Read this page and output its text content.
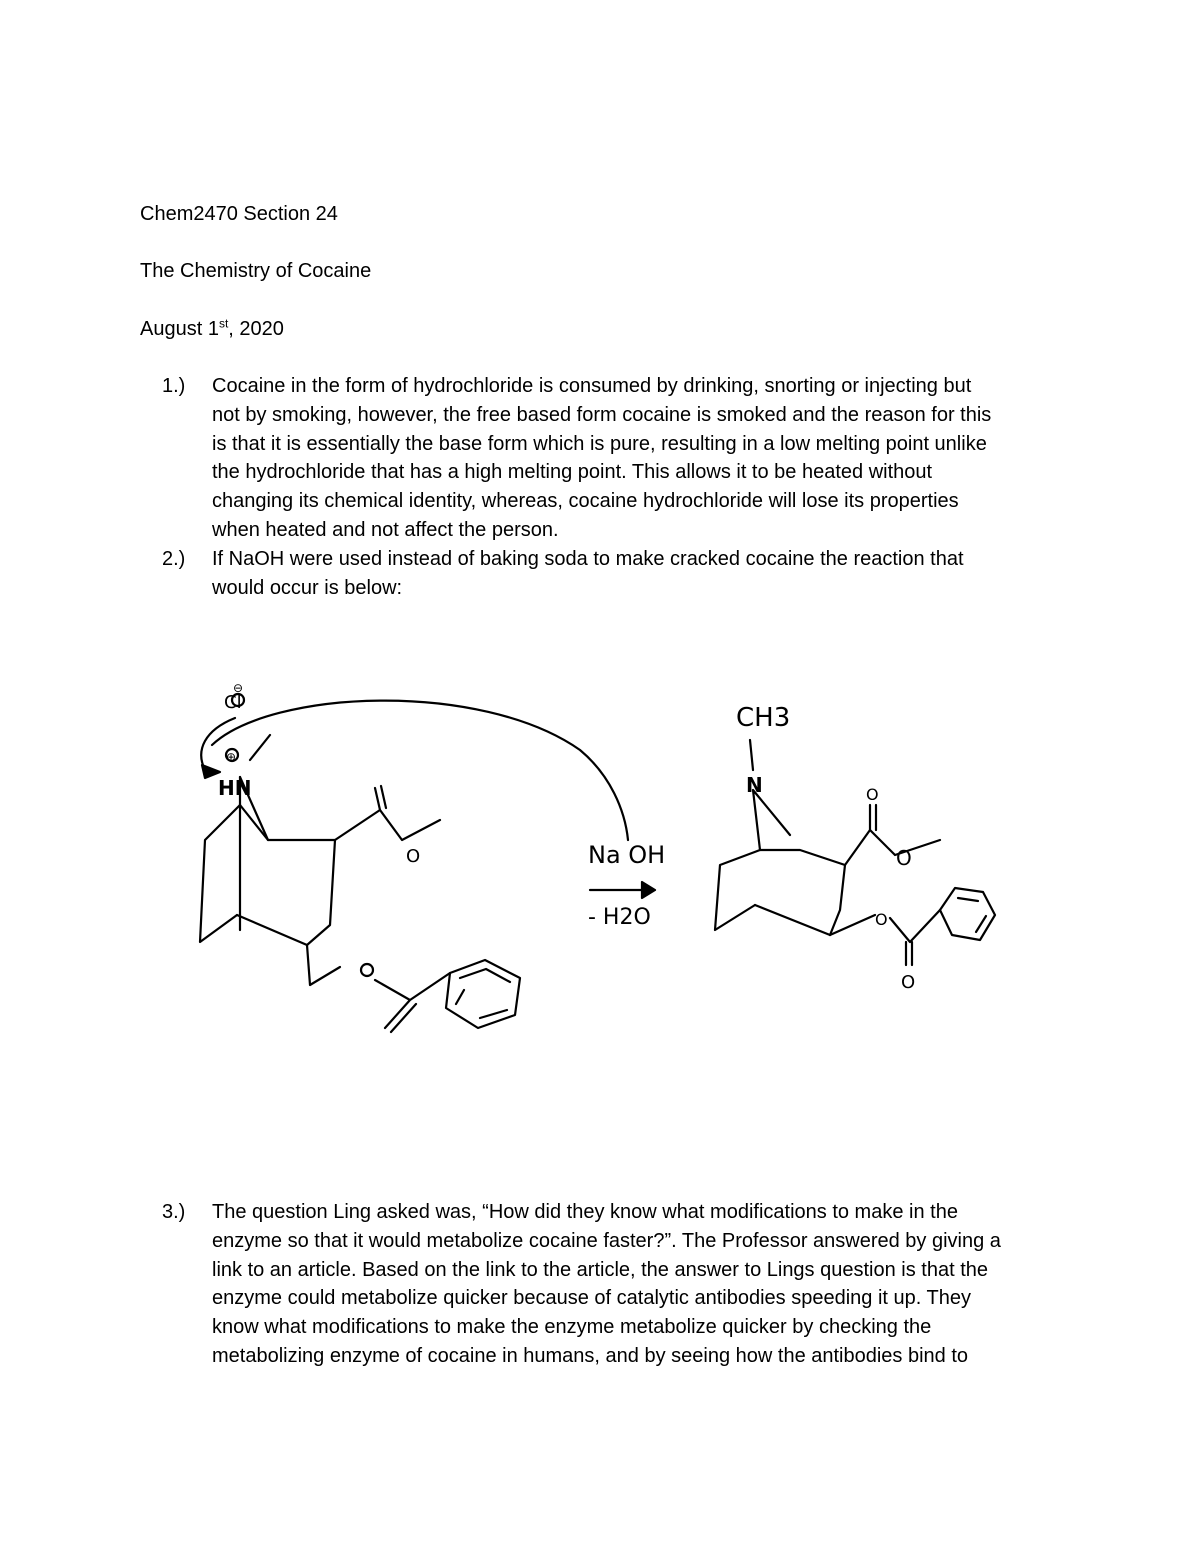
Chem2470 Section 24
The Chemistry of Cocaine
August 1st, 2020
1.)	Cocaine in the form of hydrochloride is consumed by drinking, snorting or injecting but
not by smoking, however, the free based form cocaine is smoked and the reason for this
is that it is essentially the base form which is pure, resulting in a low melting point unlike
the hydrochloride that has a high melting point. This allows it to be heated without
changing its chemical identity, whereas, cocaine hydrochloride will lose its properties
when heated and not affect the person.
2.)	If NaOH were used instead of baking soda to make cracked cocaine the reaction that
would occur is below:
3.)	The question Ling asked was, “How did they know what modifications to make in the
enzyme so that it would metabolize cocaine faster?”. The Professor answered by giving a
link to an article. Based on the link to the article, the answer to Lings question is that the
enzyme could metabolize quicker because of catalytic antibodies speeding it up. They
know what modifications to make the enzyme metabolize quicker by checking the
metabolizing enzyme of cocaine in humans, and by seeing how the antibodies bind to
Cl
⊖
⊕
HN
O	Na OH
- H2O
CH3
N	O
O
O
O
